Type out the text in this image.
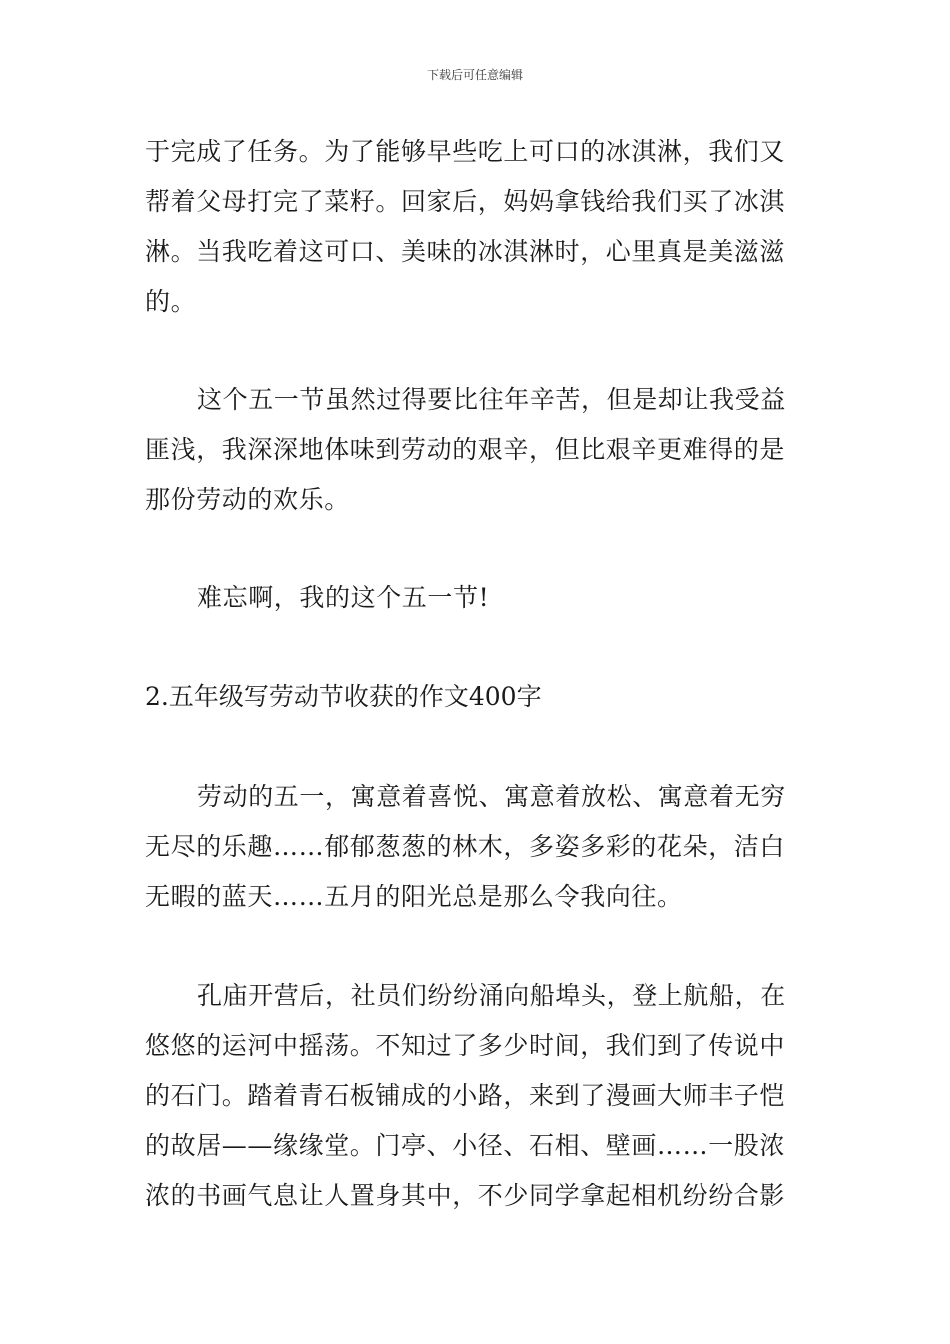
下载后可任意编辑

于完成了任务。为了能够早些吃上可口的冰淇淋，我们又帮着父母打完了菜籽。回家后，妈妈拿钱给我们买了冰淇淋。当我吃着这可口、美味的冰淇淋时，心里真是美滋滋的。

这个五一节虽然过得要比往年辛苦，但是却让我受益匪浅，我深深地体味到劳动的艰辛，但比艰辛更难得的是那份劳动的欢乐。

难忘啊，我的这个五一节!

2.五年级写劳动节收获的作文400字

劳动的五一，寓意着喜悦、寓意着放松、寓意着无穷无尽的乐趣……郁郁葱葱的林木，多姿多彩的花朵，洁白无暇的蓝天……五月的阳光总是那么令我向往。

孔庙开营后，社员们纷纷涌向船埠头，登上航船，在悠悠的运河中摇荡。不知过了多少时间，我们到了传说中的石门。踏着青石板铺成的小路，来到了漫画大师丰子恺的故居——缘缘堂。门亭、小径、石相、壁画……一股浓浓的书画气息让人置身其中，不少同学拿起相机纷纷合影
